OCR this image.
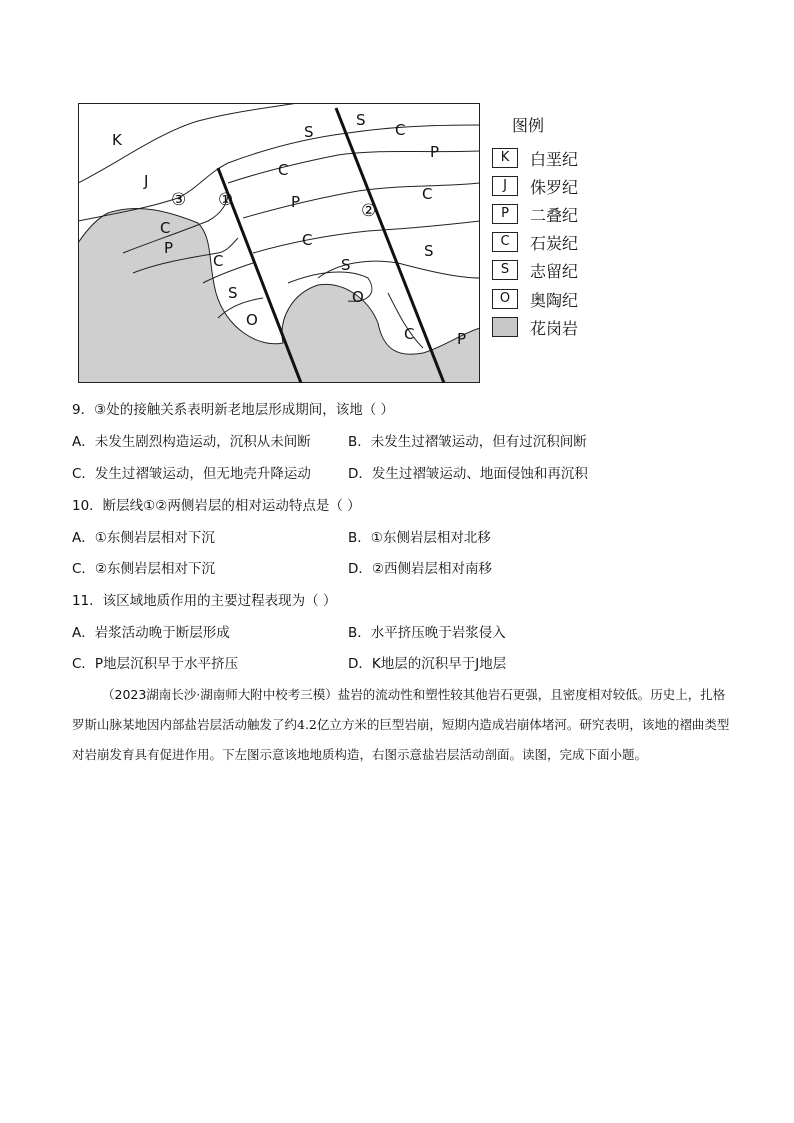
K
J
C
P
C
S
O
S
C
P
C
S
O
S
C
P
C
S
C	P
③ ①
②
图例
K	白垩纪
J	侏罗纪
P	二叠纪
C	石炭纪
S	志留纪
O	奥陶纪
花岗岩
9．③处的接触关系表明新老地层形成期间，该地（ ）
A．未发生剧烈构造运动，沉积从未间断	B．未发生过褶皱运动，但有过沉积间断
C．发生过褶皱运动，但无地壳升降运动	D．发生过褶皱运动、地面侵蚀和再沉积
10．断层线①②两侧岩层的相对运动特点是（ ）
A．①东侧岩层相对下沉	B．①东侧岩层相对北移
C．②东侧岩层相对下沉	D．②西侧岩层相对南移
11．该区域地质作用的主要过程表现为（ ）
A．岩浆活动晚于断层形成	B．水平挤压晚于岩浆侵入
C．P地层沉积早于水平挤压	D．K地层的沉积早于J地层
（2023湖南长沙·湖南师大附中校考三模）盐岩的流动性和塑性较其他岩石更强，且密度相对较低。历史上，扎格罗斯山脉某地因内部盐岩层活动触发了约4.2亿立方米的巨型岩崩，短期内造成岩崩体堵河。研究表明，该地的褶曲类型对岩崩发育具有促进作用。下左图示意该地地质构造，右图示意盐岩层活动剖面。读图，完成下面小题。
